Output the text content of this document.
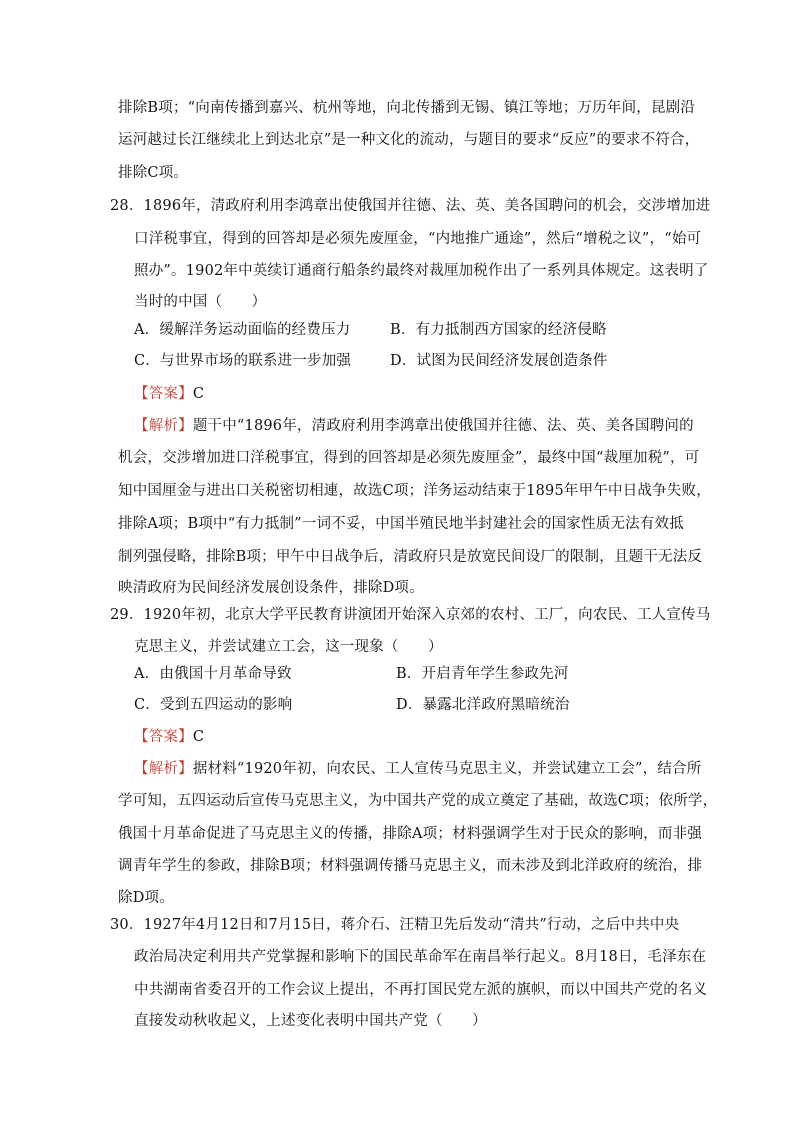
排除B项；“向南传播到嘉兴、杭州等地，向北传播到无锡、镇江等地；万历年间，昆剧沿
运河越过长江继续北上到达北京”是一种文化的流动，与题目的要求“反应”的要求不符合，
排除C项。
28．1896年，清政府利用李鸿章出使俄国并往德、法、英、美各国聘问的机会，交涉增加进
口洋税事宜，得到的回答却是必须先废厘金，“内地推广通途”，然后“增税之议”，“始可
照办”。1902年中英续订通商行船条约最终对裁厘加税作出了一系列具体规定。这表明了
当时的中国（　　）
A．缓解洋务运动面临的经费压力	B．有力抵制西方国家的经济侵略
C．与世界市场的联系进一步加强	D．试图为民间经济发展创造条件
【答案】C
【解析】题干中“1896年，清政府利用李鸿章出使俄国并往德、法、英、美各国聘问的
机会，交涉增加进口洋税事宜，得到的回答却是必须先废厘金”，最终中国“裁厘加税”，可
知中国厘金与进出口关税密切相連，故选C项；洋务运动结束于1895年甲午中日战争失败，
排除A项；B项中“有力抵制”一词不妥，中国半殖民地半封建社会的国家性质无法有效抵
制列强侵略，排除B项；甲午中日战争后，清政府只是放宽民间设厂的限制，且题干无法反
映清政府为民间经济发展创设条件，排除D项。
29．1920年初，北京大学平民教育讲演团开始深入京郊的农村、工厂，向农民、工人宣传马
克思主义，并尝试建立工会，这一现象（　　）
A．由俄国十月革命导致	B．开启青年学生参政先河
C．受到五四运动的影响	D．暴露北洋政府黑暗统治
【答案】C
【解析】据材料“1920年初，向农民、工人宣传马克思主义，并尝试建立工会”，结合所
学可知，五四运动后宣传马克思主义，为中国共产党的成立奠定了基础，故选C项；依所学，
俄国十月革命促进了马克思主义的传播，排除A项；材料强调学生对于民众的影响，而非强
调青年学生的参政，排除B项；材料强调传播马克思主义，而未涉及到北洋政府的统治，排
除D项。
30．1927年4月12日和7月15日，蒋介石、汪精卫先后发动“清共”行动，之后中共中央
政治局决定利用共产党掌握和影响下的国民革命军在南昌举行起义。8月18日，毛泽东在
中共湖南省委召开的工作会议上提出，不再打国民党左派的旗帜，而以中国共产党的名义
直接发动秋收起义，上述变化表明中国共产党（　　）
